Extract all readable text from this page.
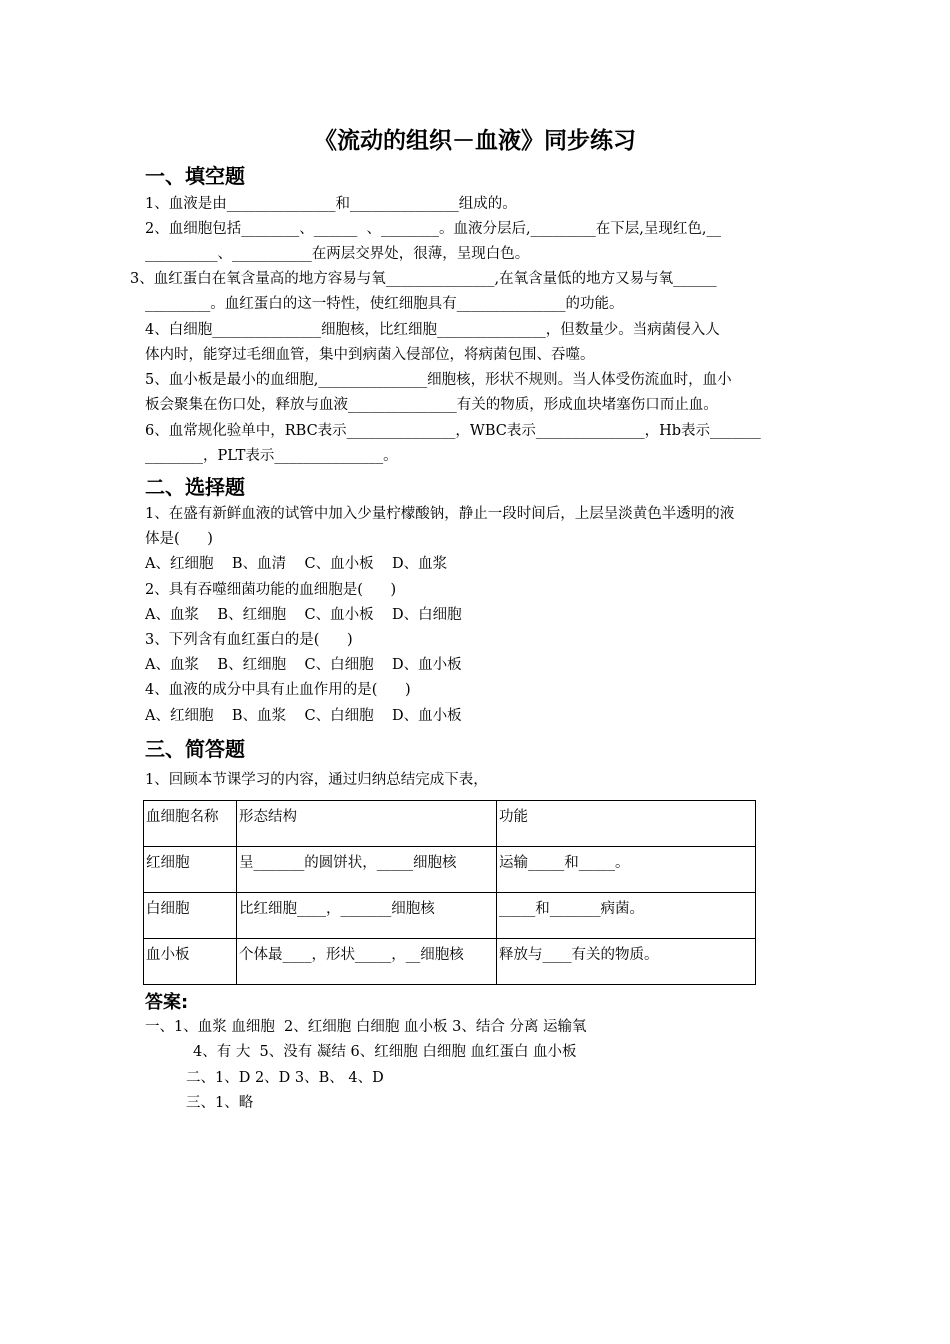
《流动的组织－血液》同步练习
一、填空题
1、血液是由_______________和_______________组成的。
2、血细胞包括________、______  、________。血液分层后,_________在下层,呈现红色,__
__________、___________在两层交界处，很薄，呈现白色。
3、血红蛋白在氧含量高的地方容易与氧_______________,在氧含量低的地方又易与氧______
_________。血红蛋白的这一特性，使红细胞具有_______________的功能。
4、白细胞_______________细胞核，比红细胞_______________，但数量少。当病菌侵入人
体内时，能穿过毛细血管，集中到病菌入侵部位，将病菌包围、吞噬。
5、血小板是最小的血细胞,_______________细胞核，形状不规则。当人体受伤流血时，血小
板会聚集在伤口处，释放与血液_______________有关的物质，形成血块堵塞伤口而止血。
6、血常规化验单中，RBC表示_______________，WBC表示_______________，Hb表示_______
________，PLT表示_______________。
二、选择题
1、在盛有新鲜血液的试管中加入少量柠檬酸钠，静止一段时间后，上层呈淡黄色半透明的液
体是(      )
A、红细胞    B、血清    C、血小板    D、血浆
2、具有吞噬细菌功能的血细胞是(      )
A、血浆    B、红细胞    C、血小板    D、白细胞
3、下列含有血红蛋白的是(      )
A、血浆    B、红细胞    C、白细胞    D、血小板
4、血液的成分中具有止血作用的是(      )
A、红细胞    B、血浆    C、白细胞    D、血小板
三、简答题
1、回顾本节课学习的内容，通过归纳总结完成下表，
血细胞名称	形态结构	功能
红细胞	呈_______的圆饼状，_____细胞核	运输_____和_____。
白细胞	比红细胞____，_______细胞核	_____和_______病菌。
血小板	个体最____，形状_____，__细胞核	释放与____有关的物质。
答案:
一、1、血浆 血细胞  2、红细胞 白细胞 血小板 3、结合 分离 运输氧
4、有 大  5、没有 凝结 6、红细胞 白细胞 血红蛋白 血小板
二、1、D 2、D 3、B、 4、D
三、1、略
